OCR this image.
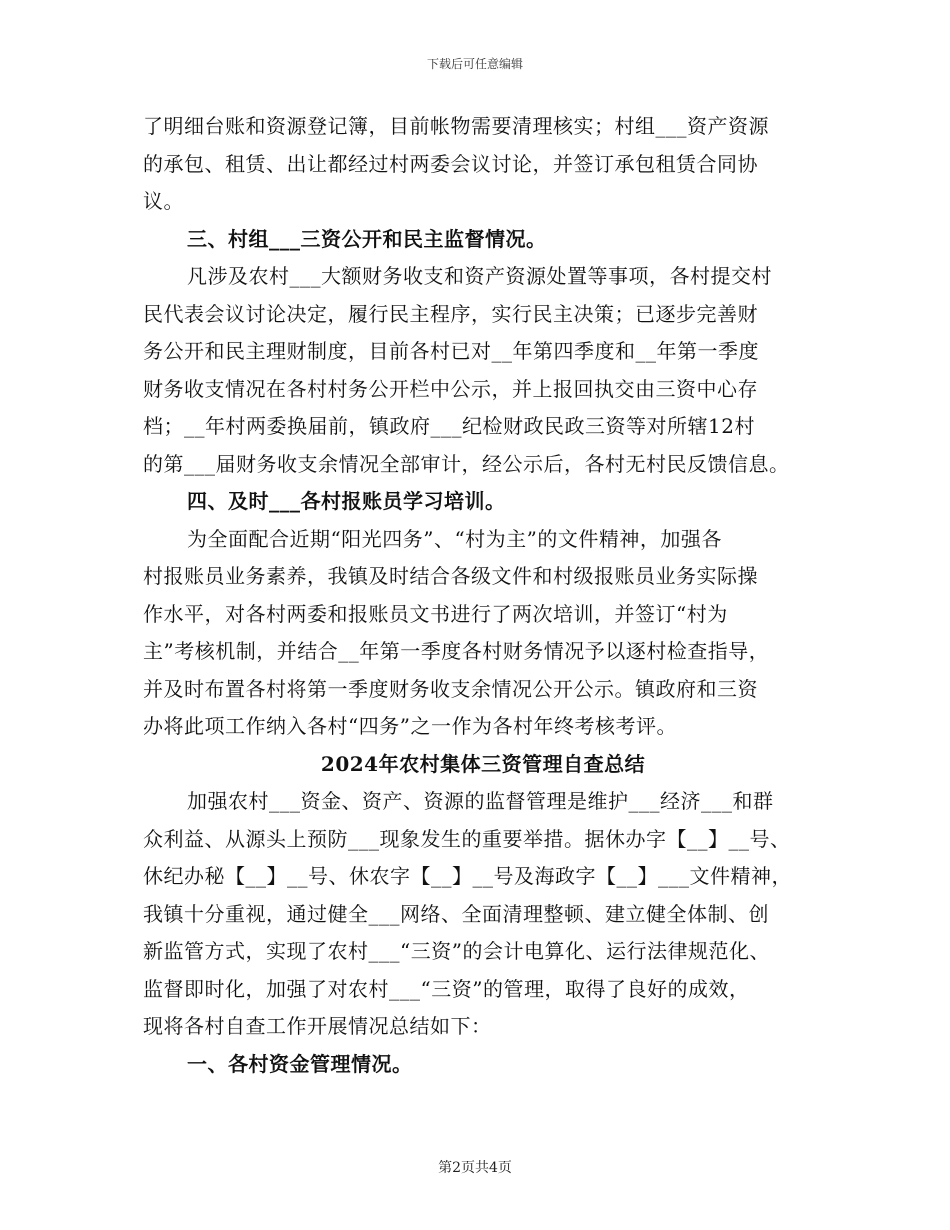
下载后可任意编辑
了明细台账和资源登记簿，目前帐物需要清理核实；村组___资产资源
的承包、租赁、出让都经过村两委会议讨论，并签订承包租赁合同协
议。
三、村组___三资公开和民主监督情况。
凡涉及农村___大额财务收支和资产资源处置等事项，各村提交村
民代表会议讨论决定，履行民主程序，实行民主决策；已逐步完善财
务公开和民主理财制度，目前各村已对__年第四季度和__年第一季度
财务收支情况在各村村务公开栏中公示，并上报回执交由三资中心存
档；__年村两委换届前，镇政府___纪检财政民政三资等对所辖12村
的第___届财务收支余情况全部审计，经公示后，各村无村民反馈信息。
四、及时___各村报账员学习培训。
为全面配合近期“阳光四务”、“村为主”的文件精神，加强各
村报账员业务素养，我镇及时结合各级文件和村级报账员业务实际操
作水平，对各村两委和报账员文书进行了两次培训，并签订“村为
主”考核机制，并结合__年第一季度各村财务情况予以逐村检查指导，
并及时布置各村将第一季度财务收支余情况公开公示。镇政府和三资
办将此项工作纳入各村“四务”之一作为各村年终考核考评。
2024年农村集体三资管理自查总结
加强农村___资金、资产、资源的监督管理是维护___经济___和群
众利益、从源头上预防___现象发生的重要举措。据休办字【__】__号、
休纪办秘【__】__号、休农字【__】__号及海政字【__】___文件精神，
我镇十分重视，通过健全___网络、全面清理整顿、建立健全体制、创
新监管方式，实现了农村___“三资”的会计电算化、运行法律规范化、
监督即时化，加强了对农村___“三资”的管理，取得了良好的成效，
现将各村自查工作开展情况总结如下：
一、各村资金管理情况。
第2页共4页
